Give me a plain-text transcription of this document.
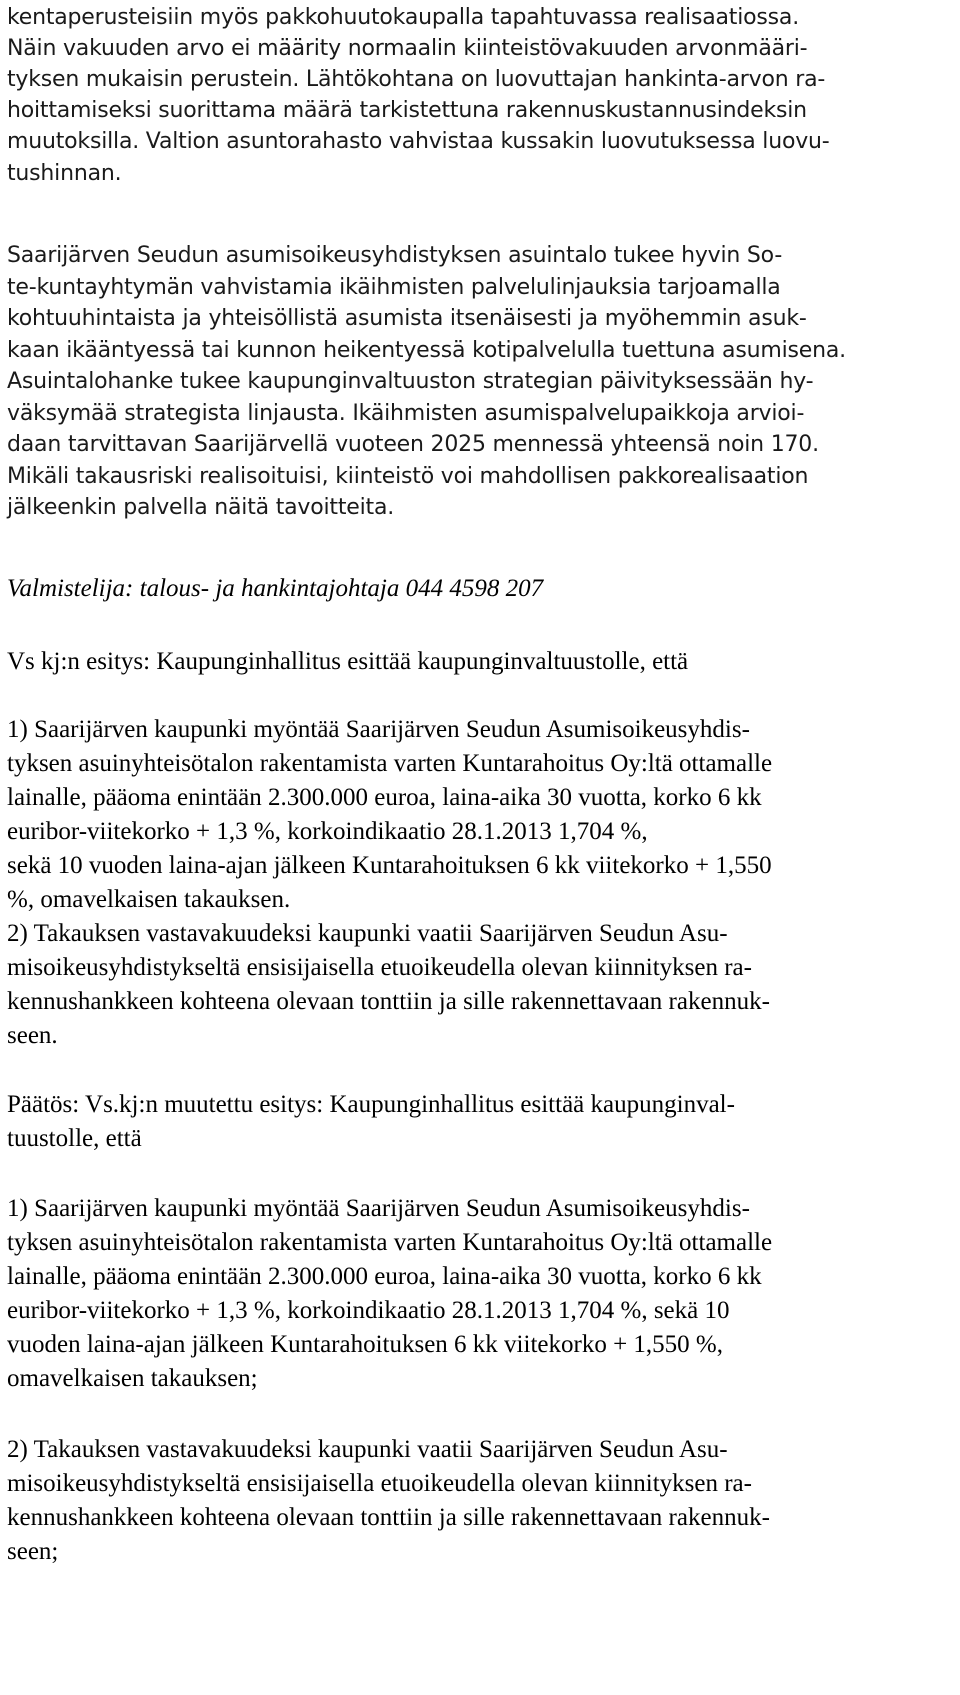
kentaperusteisiin myös pakkohuutokaupalla tapahtuvassa realisaatiossa.
Näin vakuuden arvo ei määrity normaalin kiinteistövakuuden arvonmääri-
tyksen mukaisin perustein. Lähtökohtana on luovuttajan hankinta-arvon ra-
hoittamiseksi suorittama määrä tarkistettuna rakennuskustannusindeksin
muutoksilla. Valtion asuntorahasto vahvistaa kussakin luovutuksessa luovu-
tushinnan.
Saarijärven Seudun asumisoikeusyhdistyksen asuintalo tukee hyvin So-
te-kuntayhtymän vahvistamia ikäihmisten palvelulinjauksia tarjoamalla
kohtuuhintaista ja yhteisöllistä asumista itsenäisesti ja myöhemmin asuk-
kaan ikääntyessä tai kunnon heikentyessä kotipalvelulla tuettuna asumisena.
Asuintalohanke tukee kaupunginvaltuuston strategian päivityksessään hy-
väksymää strategista linjausta. Ikäihmisten asumispalvelupaikkoja arvioi-
daan tarvittavan Saarijärvellä vuoteen 2025 mennessä yhteensä noin 170.
Mikäli takausriski realisoituisi, kiinteistö voi mahdollisen pakkorealisaation
jälkeenkin palvella näitä tavoitteita.
Valmistelija: talous- ja hankintajohtaja 044 4598 207
Vs kj:n esitys: Kaupunginhallitus esittää kaupunginvaltuustolle, että
1) Saarijärven kaupunki myöntää Saarijärven Seudun Asumisoikeusyhdis-
tyksen asuinyhteisötalon rakentamista varten Kuntarahoitus Oy:ltä ottamalle
lainalle, pääoma enintään 2.300.000 euroa, laina-aika 30 vuotta, korko 6 kk
euribor-viitekorko + 1,3 %, korkoindikaatio 28.1.2013 1,704 %,
sekä 10 vuoden laina-ajan jälkeen Kuntarahoituksen 6 kk viitekorko + 1,550
%, omavelkaisen takauksen.
2) Takauksen vastavakuudeksi kaupunki vaatii Saarijärven Seudun Asu-
misoikeusyhdistykseltä ensisijaisella etuoikeudella olevan kiinnityksen ra-
kennushankkeen kohteena olevaan tonttiin ja sille rakennettavaan rakennuk-
seen.
Päätös: Vs.kj:n muutettu esitys: Kaupunginhallitus esittää kaupunginval-
tuustolle, että
1) Saarijärven kaupunki myöntää Saarijärven Seudun Asumisoikeusyhdis-
tyksen asuinyhteisötalon rakentamista varten Kuntarahoitus Oy:ltä ottamalle
lainalle, pääoma enintään 2.300.000 euroa, laina-aika 30 vuotta, korko 6 kk
euribor-viitekorko + 1,3 %, korkoindikaatio 28.1.2013 1,704 %, sekä 10
vuoden laina-ajan jälkeen Kuntarahoituksen 6 kk viitekorko + 1,550 %,
omavelkaisen takauksen;
2) Takauksen vastavakuudeksi kaupunki vaatii Saarijärven Seudun Asu-
misoikeusyhdistykseltä ensisijaisella etuoikeudella olevan kiinnityksen ra-
kennushankkeen kohteena olevaan tonttiin ja sille rakennettavaan rakennuk-
seen;
